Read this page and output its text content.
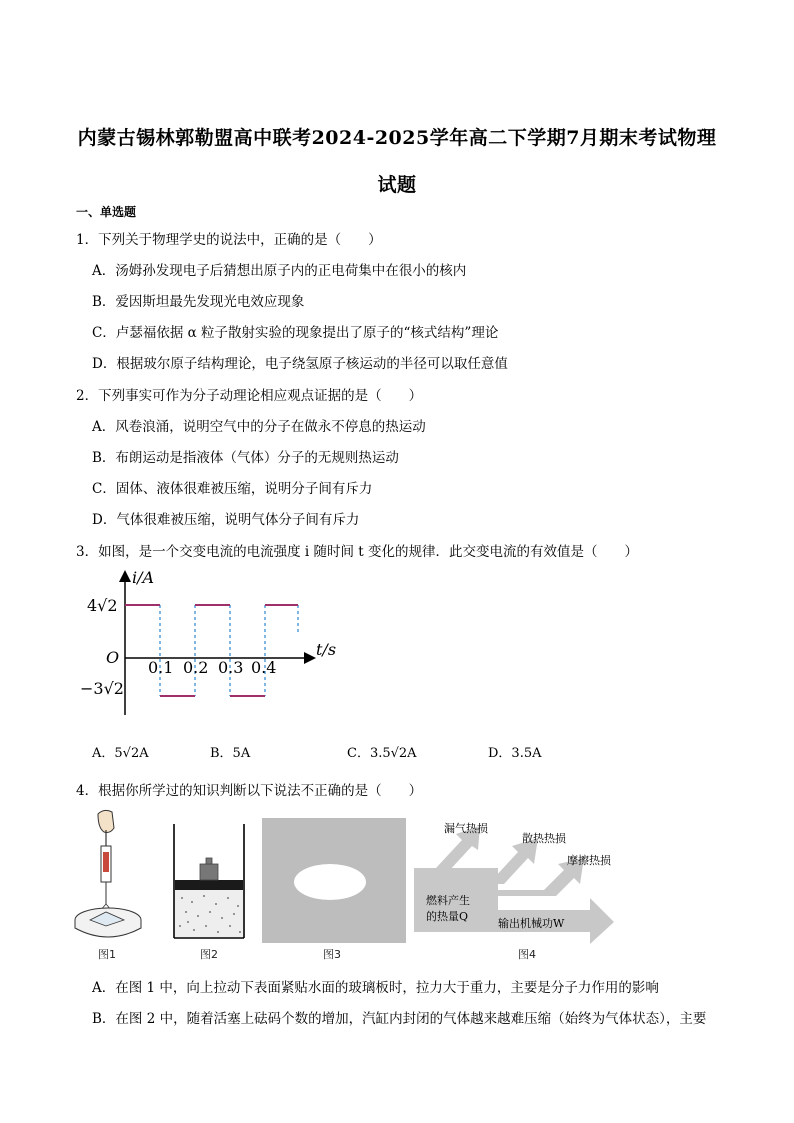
内蒙古锡林郭勒盟高中联考2024-2025学年高二下学期7月期末考试物理
试题
一、单选题
1．下列关于物理学史的说法中，正确的是（　　）
A．汤姆孙发现电子后猜想出原子内的正电荷集中在很小的核内
B．爱因斯坦最先发现光电效应现象
C．卢瑟福依据 α 粒子散射实验的现象提出了原子的“核式结构”理论
D．根据玻尔原子结构理论，电子绕氢原子核运动的半径可以取任意值
2．下列事实可作为分子动理论相应观点证据的是（　　）
A．风卷浪涌，说明空气中的分子在做永不停息的热运动
B．布朗运动是指液体（气体）分子的无规则热运动
C．固体、液体很难被压缩，说明分子间有斥力
D．气体很难被压缩，说明气体分子间有斥力
3．如图，是一个交变电流的电流强度 i 随时间 t 变化的规律．此交变电流的有效值是（　　）
i/A
t/s
O
4√2
−3√2
0.1 0.2 0.3 0.4
A．5√2A	B．5A	C．3.5√2A	D．3.5A
4．根据你所学过的知识判断以下说法不正确的是（　　）
图1	图2	图3
漏气热损
散热热损
摩擦热损
燃料产生
的热量Q
输出机械功W
图4
A．在图 1 中，向上拉动下表面紧贴水面的玻璃板时，拉力大于重力，主要是分子力作用的影响
B．在图 2 中，随着活塞上砝码个数的增加，汽缸内封闭的气体越来越难压缩（始终为气体状态），主要
